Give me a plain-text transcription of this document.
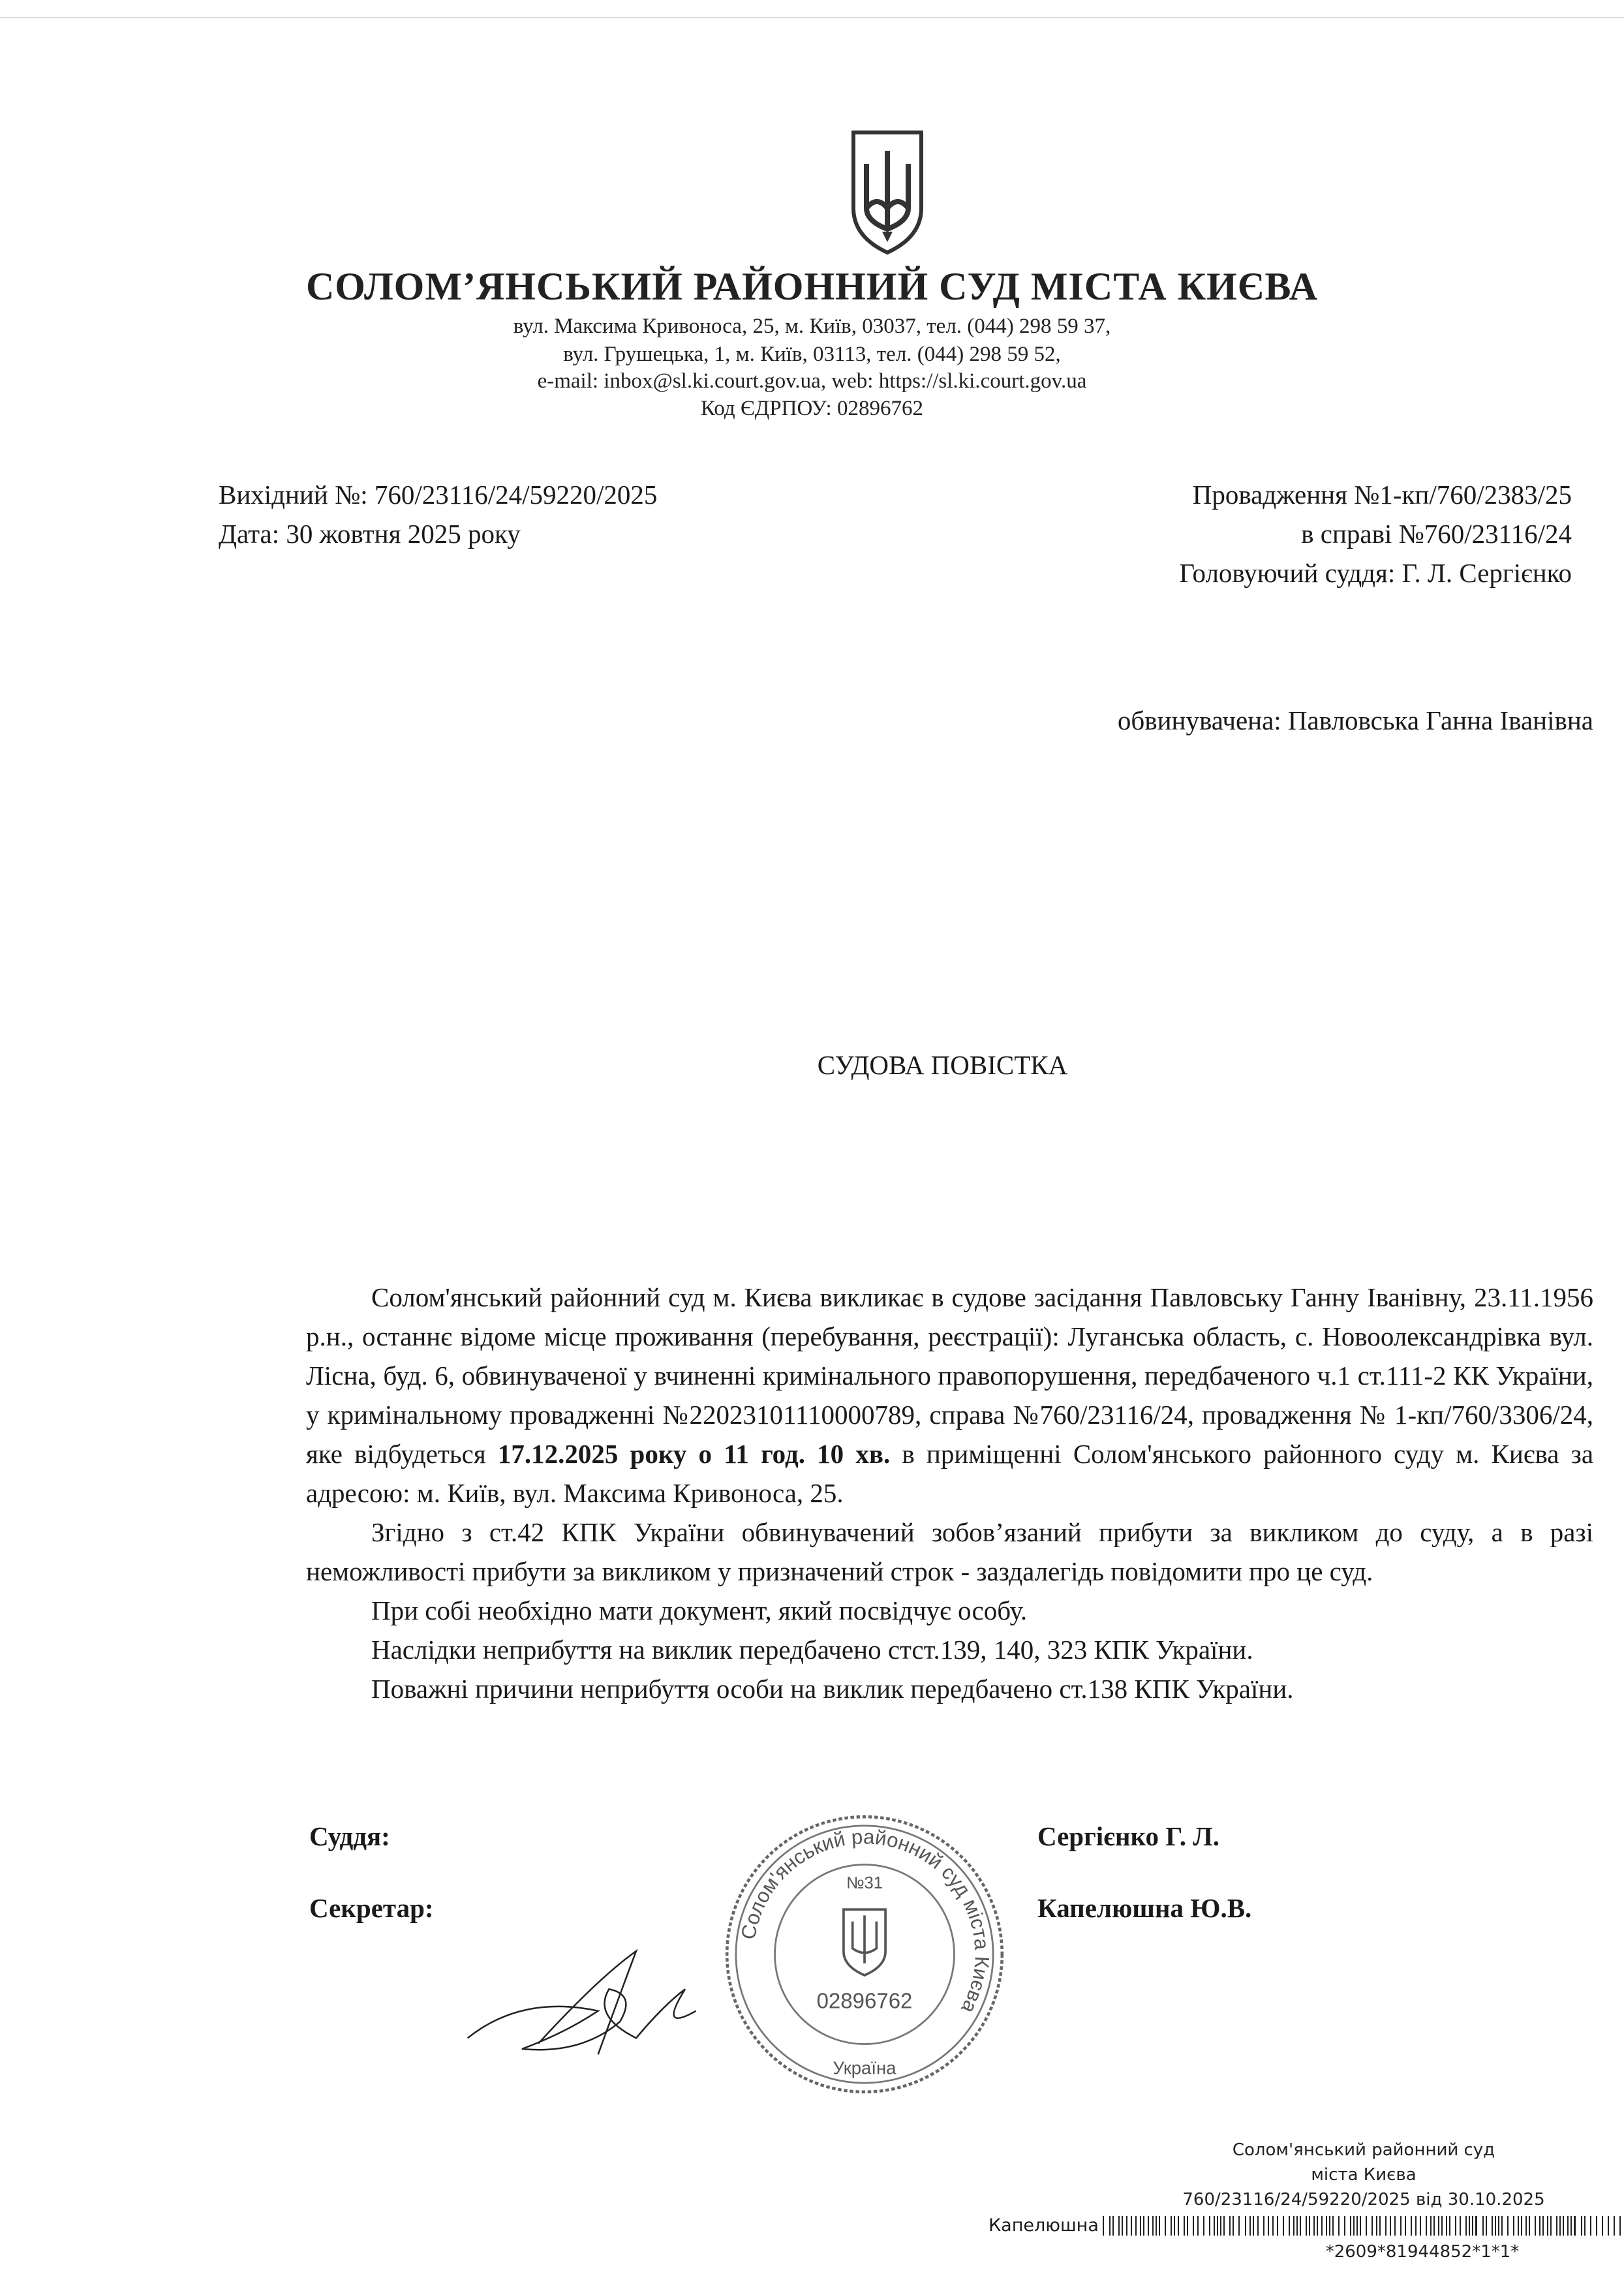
СОЛОМ’ЯНСЬКИЙ РАЙОННИЙ СУД МІСТА КИЄВА
вул. Максима Кривоноса, 25, м. Київ, 03037, тел. (044) 298 59 37,
вул. Грушецька, 1, м. Київ, 03113, тел. (044) 298 59 52,
e-mail: inbox@sl.ki.court.gov.ua, web: https://sl.ki.court.gov.ua
Код ЄДРПОУ: 02896762
Вихідний №: 760/23116/24/59220/2025
Дата: 30 жовтня 2025 року
Провадження №1-кп/760/2383/25
в справі №760/23116/24
Головуючий суддя: Г. Л. Сергієнко
обвинувачена: Павловська Ганна Іванівна
СУДОВА ПОВІСТКА

Солом'янський районний суд м. Києва викликає в судове засідання Павловську Ганну Іванівну, 23.11.1956 р.н., останнє відоме місце проживання (перебування, реєстрації): Луганська область, с. Новоолександрівка вул. Лісна, буд. 6, обвинуваченої у вчиненні кримінального правопорушення, передбаченого ч.1 ст.111-2 КК України, у кримінальному провадженні №22023101110000789, справа №760/23116/24, провадження № 1-кп/760/3306/24, яке відбудеться 17.12.2025 року о 11 год. 10 хв. в приміщенні Солом'янського районного суду м. Києва за адресою: м. Київ, вул. Максима Кривоноса, 25.

Згідно з ст.42 КПК України обвинувачений зобов’язаний прибути за викликом до суду, а в разі неможливості прибути за викликом у призначений строк - заздалегідь повідомити про це суд.

При собі необхідно мати документ, який посвідчує особу.

Наслідки неприбуття на виклик передбачено стст.139, 140, 323 КПК України.

Поважні причини неприбуття особи на виклик передбачено ст.138 КПК України.

Суддя:	Сергієнко Г. Л.
Секретар:	Капелюшна Ю.В.
Солом'янський районний суд міста Києва
№31
02896762
Україна
Солом'янський районний суд
міста Києва
760/23116/24/59220/2025 від 30.10.2025
Капелюшна
*2609*81944852*1*1*
